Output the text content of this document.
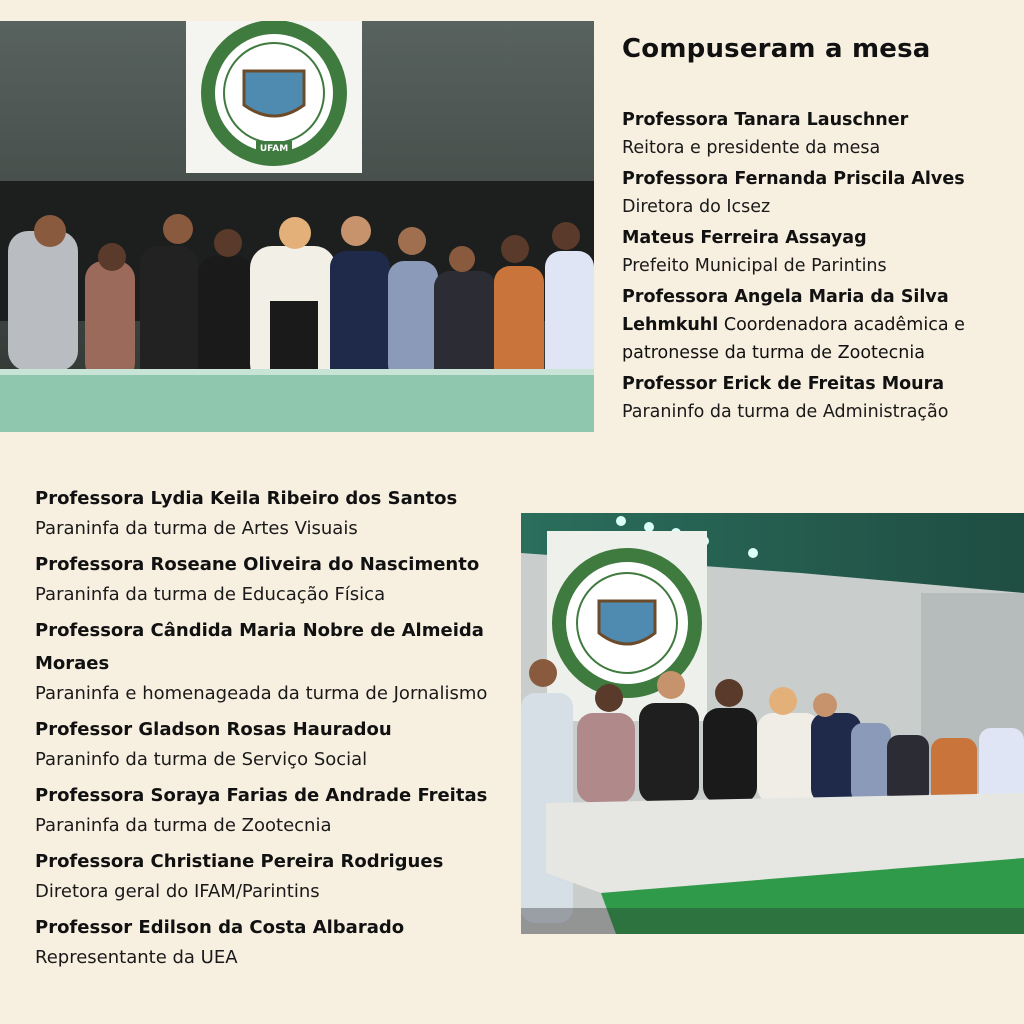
UFAM
Compuseram a mesa

Professora Tanara Lauschner
Reitora e presidente da mesa

Professora Fernanda Priscila Alves
Diretora do Icsez

Mateus Ferreira Assayag
Prefeito Municipal de Parintins

Professora Angela Maria da Silva Lehmkuhl Coordenadora acadêmica e patronesse da turma de Zootecnia

Professor Erick de Freitas Moura
Paraninfo da turma de Administração

Professora Lydia Keila Ribeiro dos Santos
Paraninfa da turma de Artes Visuais

Professora Roseane Oliveira do Nascimento
Paraninfa da turma de Educação Física

Professora Cândida Maria Nobre de Almeida Moraes
Paraninfa e homenageada da turma de Jornalismo

Professor Gladson Rosas Hauradou
Paraninfo da turma de Serviço Social

Professora Soraya Farias de Andrade Freitas
Paraninfa da turma de Zootecnia

Professora Christiane Pereira Rodrigues
Diretora geral do IFAM/Parintins

Professor Edilson da Costa Albarado
Representante da UEA
